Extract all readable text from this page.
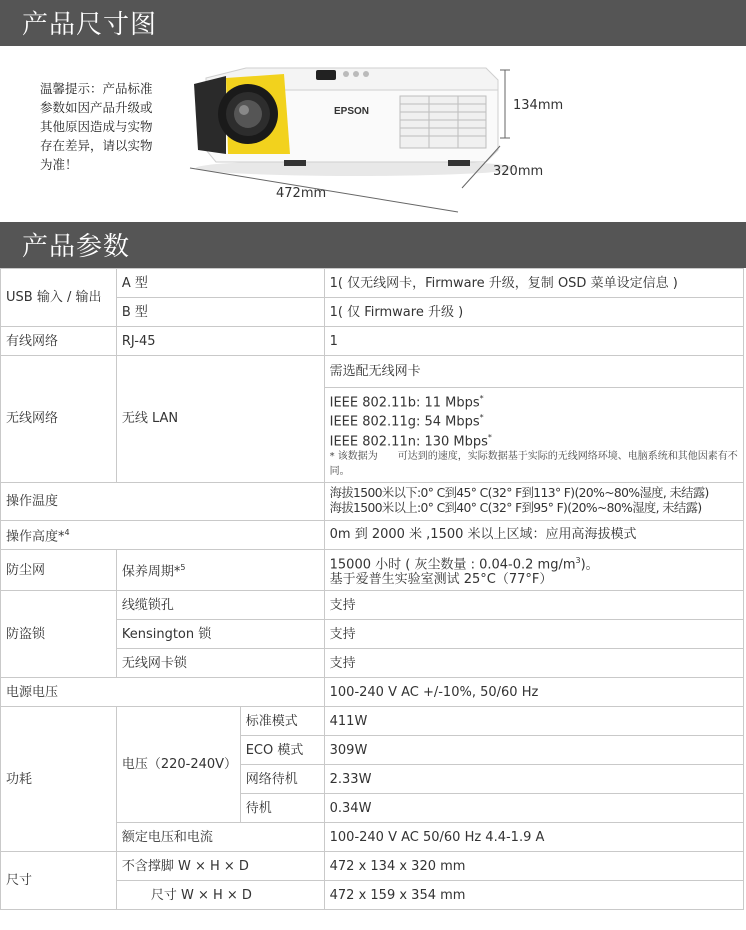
产品尺寸图
温馨提示：产品标准参数如因产品升级或其他原因造成与实物存在差异，请以实物为准！
EPSON	134mm
320mm
472mm
产品参数
USB 输入 / 输出	A 型		1( 仅无线网卡，Firmware 升级，复制 OSD 菜单设定信息 )
	B 型		1( 仅 Firmware 升级 )
有线网络	RJ-45		1
无线网络	无线 LAN		需选配无线网卡

			IEEE 802.11b: 11 Mbps*
IEEE 802.11g: 54 Mbps*
IEEE 802.11n: 130 Mbps*
* 该数据为　　可达到的速度，实际数据基于实际的无线网络环境、电脑系统和其他因素有不同。

操作温度			海拔1500米以下:0° C到45° C(32° F到113° F)(20%~80%湿度, 未结露)
海拔1500米以上:0° C到40° C(32° F到95° F)(20%~80%湿度, 未结露)

操作高度*$^4$			0m 到 2000 米 ,1500 米以上区域：应用高海拔模式
防尘网	保养周期*$^5$		15000 小时 ( 灰尘数量 : 0.04-0.2 $mg/m^3$)。
基于爱普生实验室测试 25°C（77°F）

防盗锁	线缆锁孔		支持
	Kensington 锁		支持
	无线网卡锁		支持
电源电压			100-240 V AC +/-10%, 50/60 Hz
功耗	电压（220-240V）	标准模式	411W
		ECO 模式	309W
		网络待机	2.33W
		待机	0.34W
	额定电压和电流		100-240 V AC 50/60 Hz 4.4-1.9 A
尺寸	不含撑脚 W × H × D		472 x 134 x 320 mm
	尺寸 W × H × D		472 x 159 x 354 mm
